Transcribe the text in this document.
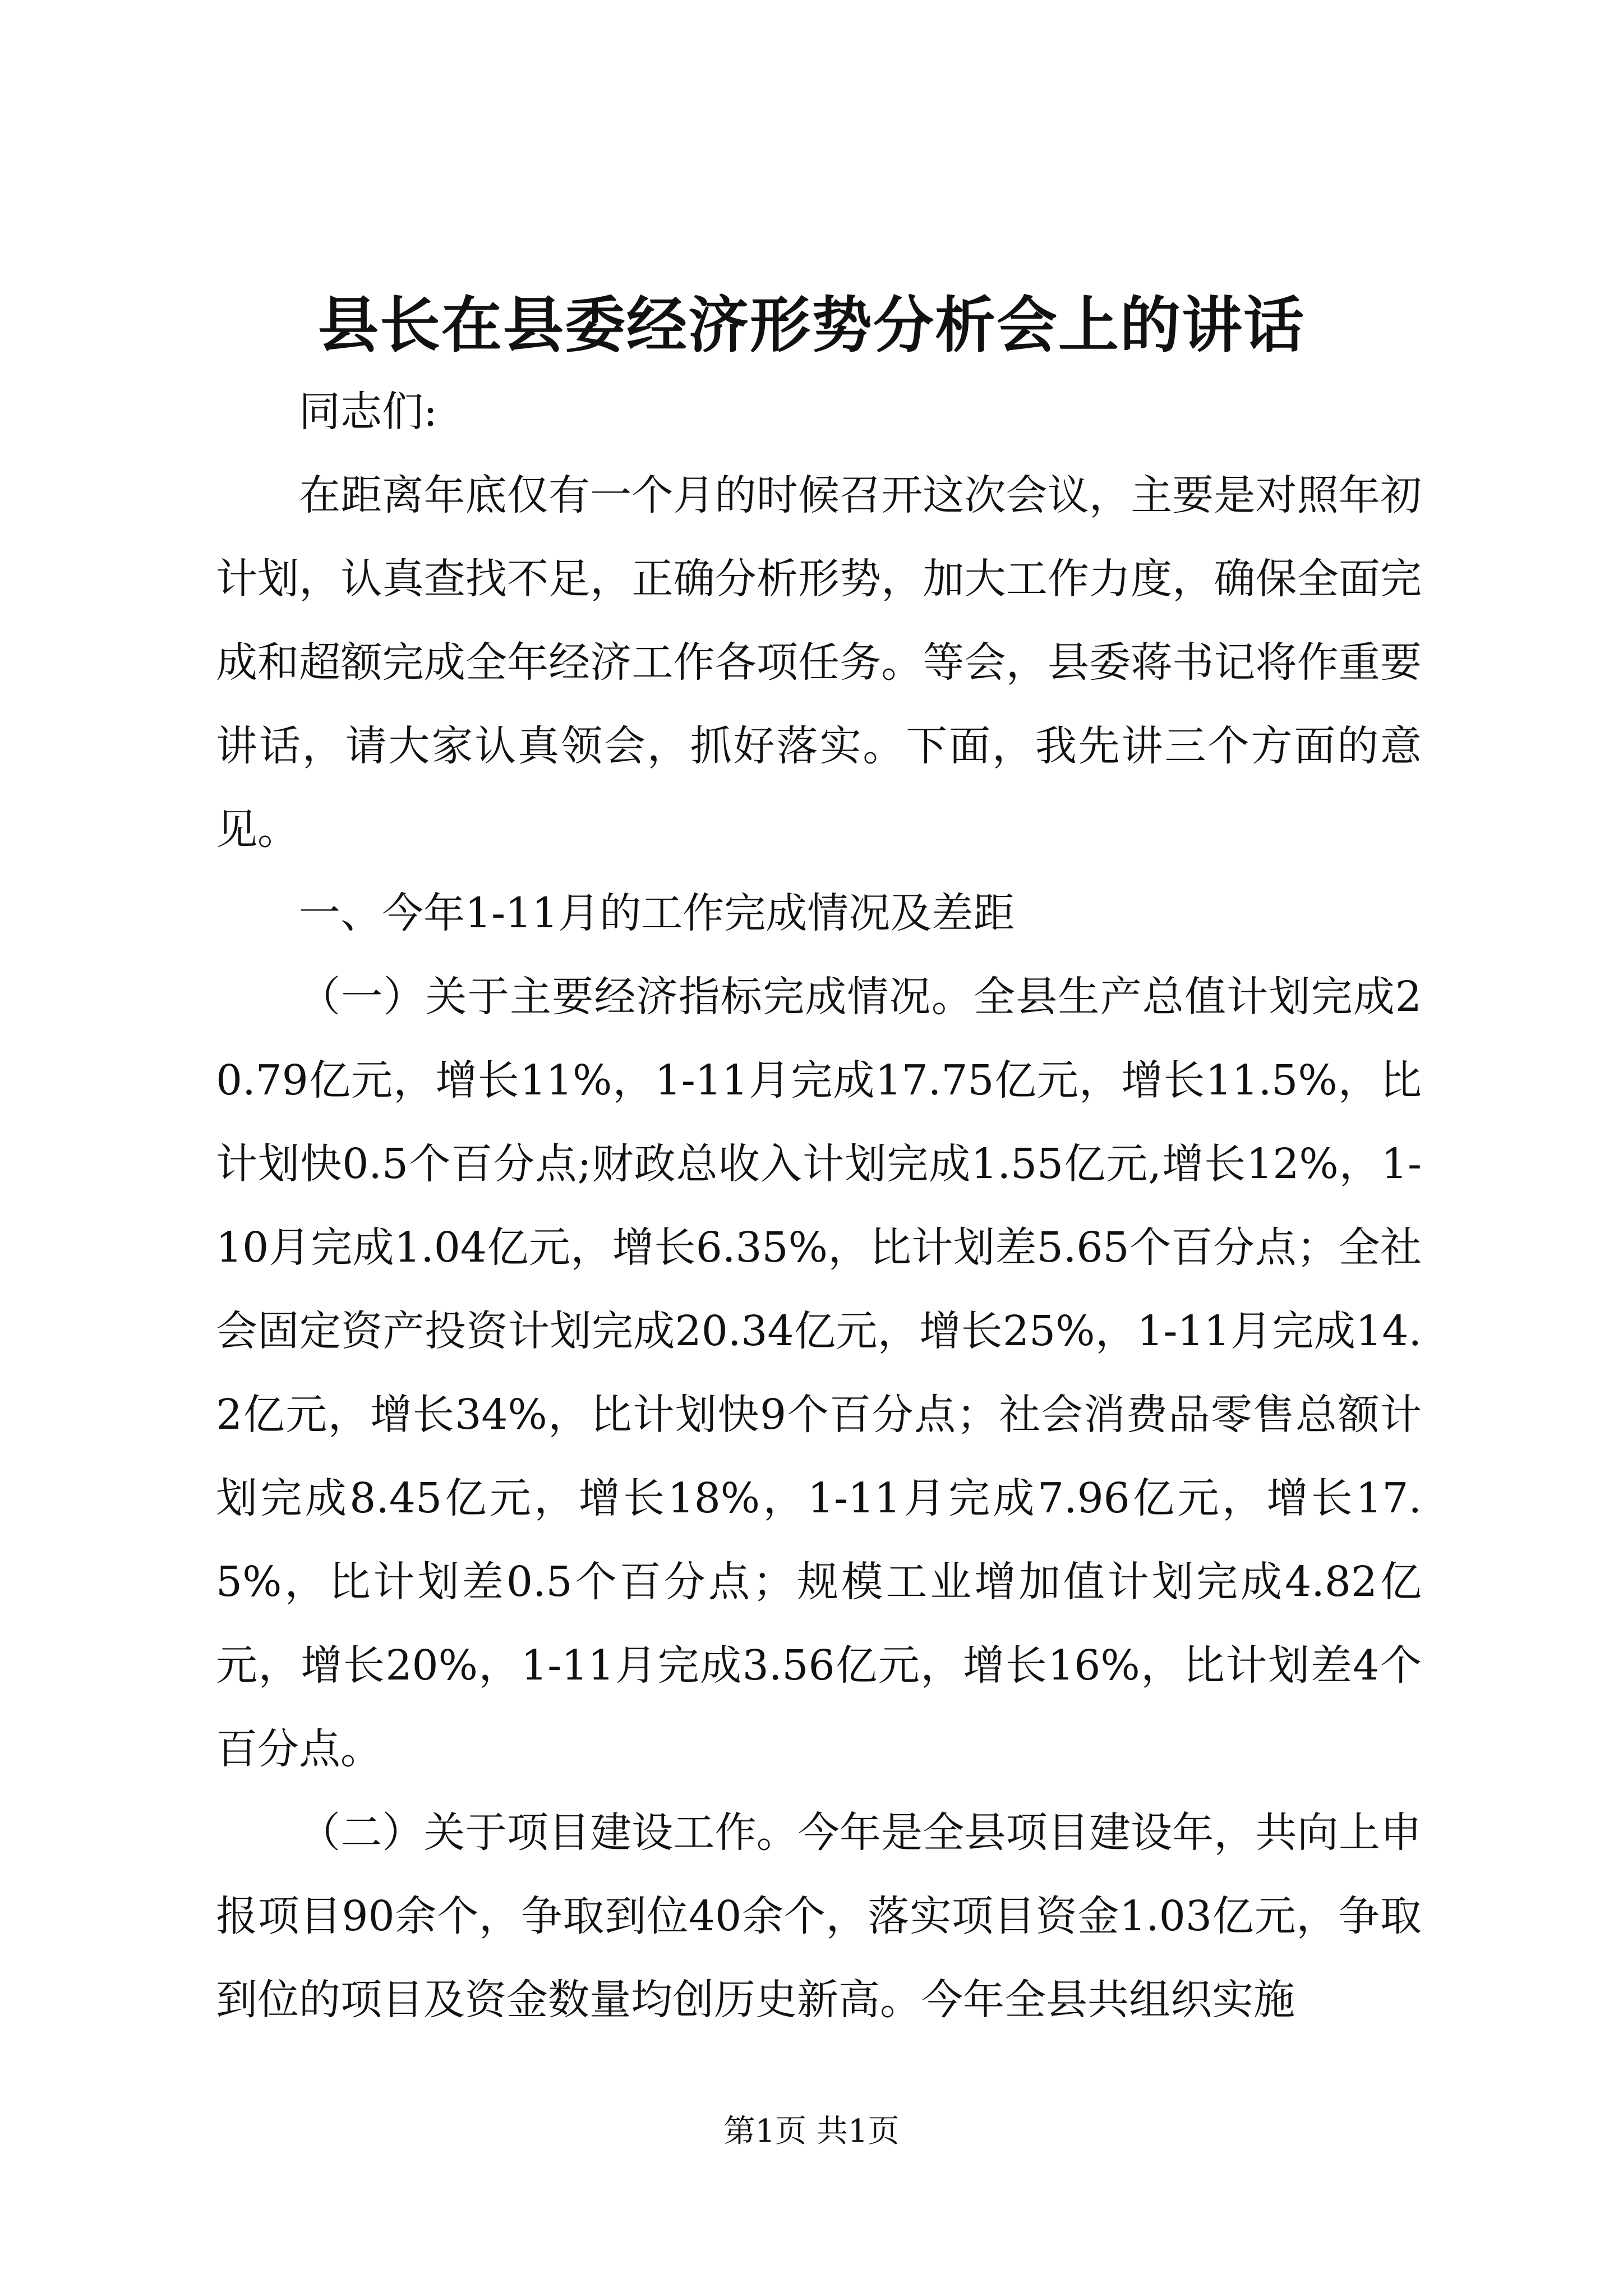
县长在县委经济形势分析会上的讲话

同志们:

在距离年底仅有一个月的时候召开这次会议，主要是对照年初计划，认真查找不足，正确分析形势，加大工作力度，确保全面完成和超额完成全年经济工作各项任务。等会，县委蒋书记将作重要讲话，请大家认真领会，抓好落实。下面，我先讲三个方面的意见。

一、今年1-11月的工作完成情况及差距

（一）关于主要经济指标完成情况。全县生产总值计划完成20.79亿元，增长11%，1-11月完成17.75亿元，增长11.5%，比计划快0.5个百分点;财政总收入计划完成1.55亿元,增长12%，1-10月完成1.04亿元，增长6.35%，比计划差5.65个百分点；全社会固定资产投资计划完成20.34亿元，增长25%，1-11月完成14.2亿元，增长34%，比计划快9个百分点；社会消费品零售总额计划完成8.45亿元，增长18%，1-11月完成7.96亿元，增长17.5%，比计划差0.5个百分点；规模工业增加值计划完成4.82亿元，增长20%，1-11月完成3.56亿元，增长16%，比计划差4个百分点。

（二）关于项目建设工作。今年是全县项目建设年，共向上申报项目90余个，争取到位40余个，落实项目资金1.03亿元，争取到位的项目及资金数量均创历史新高。今年全县共组织实施

第1页 共1页
